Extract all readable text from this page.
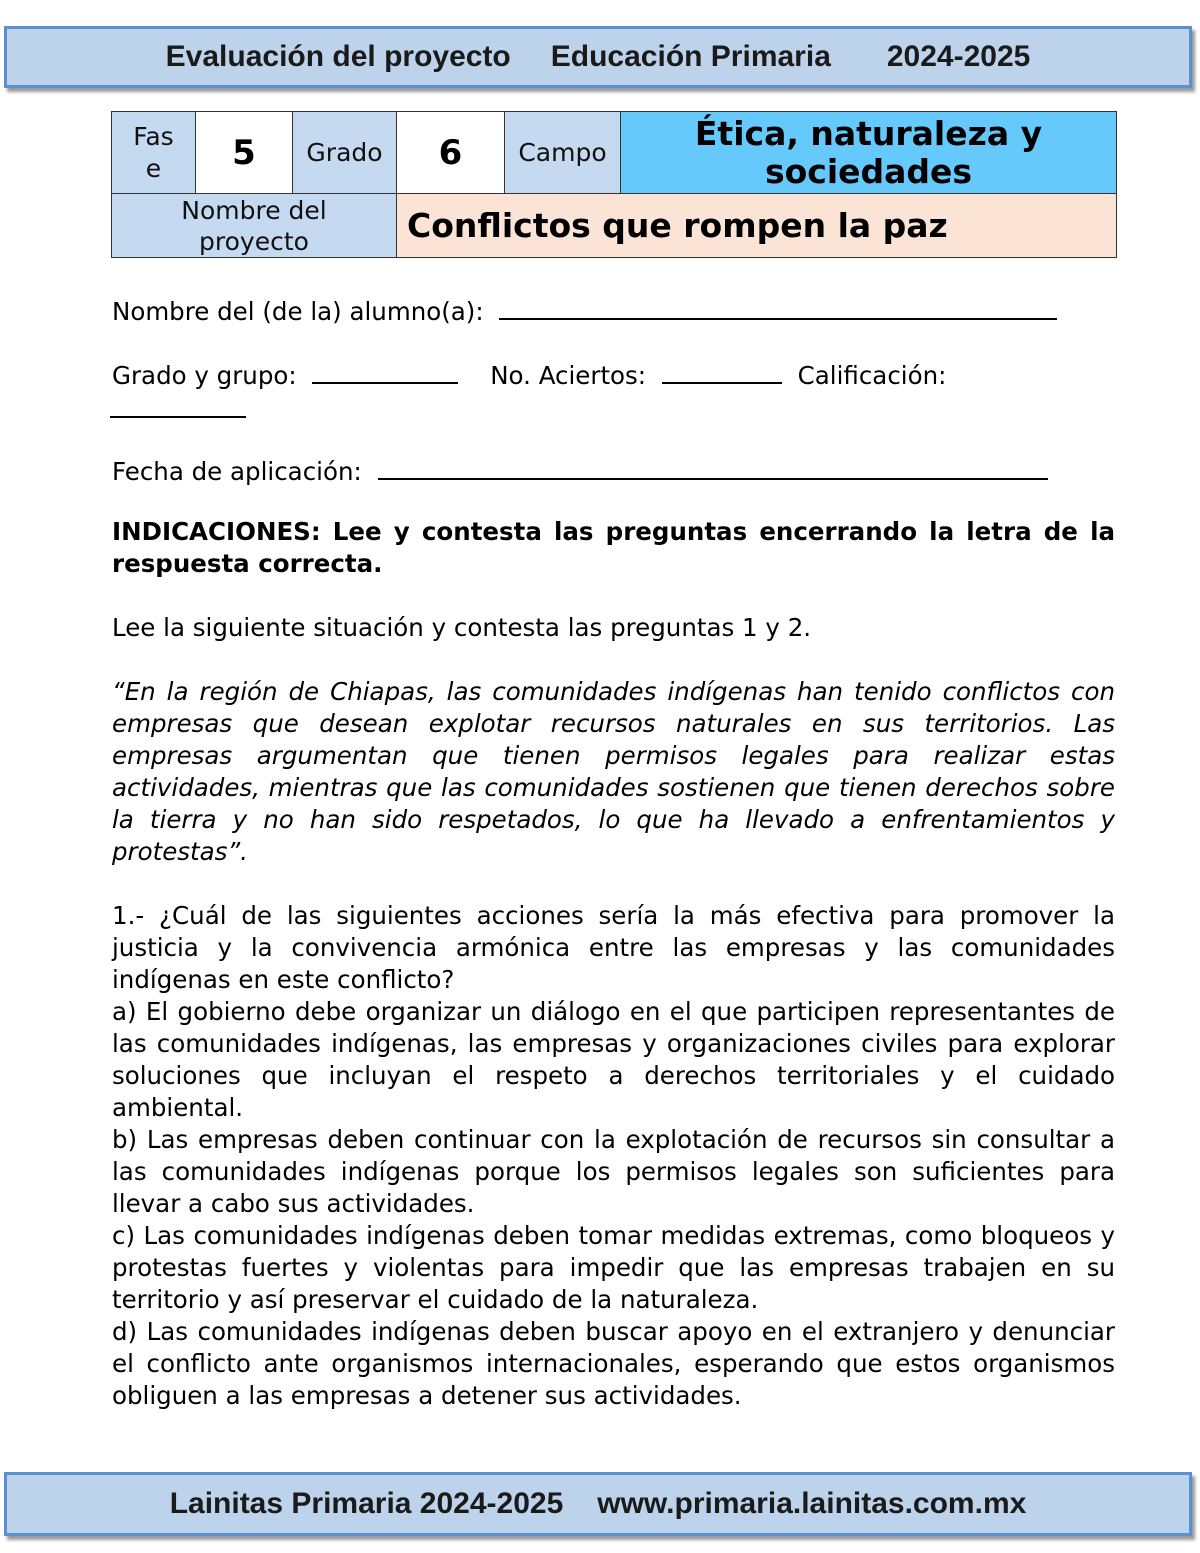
Evaluación del proyecto Educación Primaria 2024-2025
Fase	5	Grado	6	Campo	Ética, naturaleza y sociedades

Nombre del proyecto			Conflictos que rompen la paz		
Nombre del (de la) alumno(a):
Grado y grupo:	No. Aciertos:	Calificación:
Fecha de aplicación:

INDICACIONES: Lee y contesta las preguntas encerrando la letra de la respuesta correcta.

Lee la siguiente situación y contesta las preguntas 1 y 2.

“En la región de Chiapas, las comunidades indígenas han tenido conflictos con empresas que desean explotar recursos naturales en sus territorios. Las empresas argumentan que tienen permisos legales para realizar estas actividades, mientras que las comunidades sostienen que tienen derechos sobre la tierra y no han sido respetados, lo que ha llevado a enfrentamientos y protestas”.

1.- ¿Cuál de las siguientes acciones sería la más efectiva para promover la justicia y la convivencia armónica entre las empresas y las comunidades indígenas en este conflicto?

a) El gobierno debe organizar un diálogo en el que participen representantes de las comunidades indígenas, las empresas y organizaciones civiles para explorar soluciones que incluyan el respeto a derechos territoriales y el cuidado ambiental.

b) Las empresas deben continuar con la explotación de recursos sin consultar a las comunidades indígenas porque los permisos legales son suficientes para llevar a cabo sus actividades.

c) Las comunidades indígenas deben tomar medidas extremas, como bloqueos y protestas fuertes y violentas para impedir que las empresas trabajen en su territorio y así preservar el cuidado de la naturaleza.

d) Las comunidades indígenas deben buscar apoyo en el extranjero y denunciar el conflicto ante organismos internacionales, esperando que estos organismos obliguen a las empresas a detener sus actividades.

Lainitas Primaria 2024-2025 www.primaria.lainitas.com.mx
